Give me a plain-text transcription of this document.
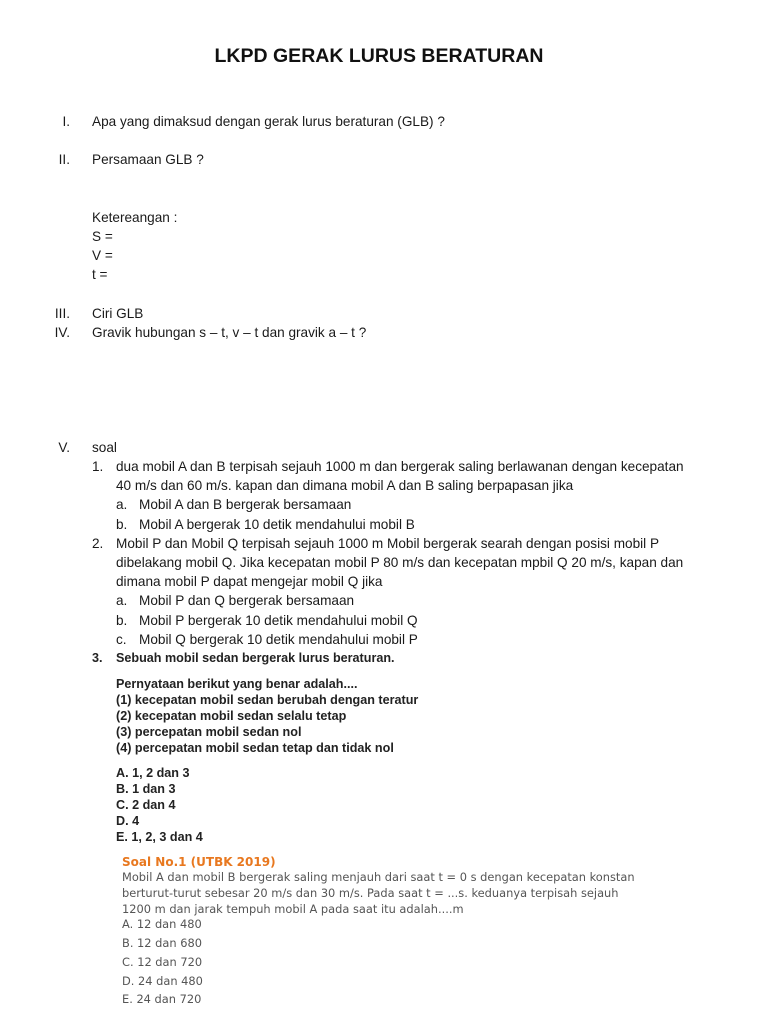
LKPD GERAK LURUS BERATURAN
I. Apa yang dimaksud dengan gerak lurus beraturan (GLB) ?
II. Persamaan GLB ?
Ketereangan :
S =
V =
t =
III. Ciri GLB
IV. Gravik hubungan s – t, v – t dan gravik a – t ?
V. soal
1. dua mobil A dan B terpisah sejauh 1000 m dan bergerak saling berlawanan dengan kecepatan
40 m/s dan 60 m/s. kapan dan dimana mobil A dan B saling berpapasan jika
a. Mobil A dan B bergerak bersamaan
b. Mobil A bergerak 10 detik mendahului mobil B
2. Mobil P dan Mobil Q terpisah sejauh 1000 m Mobil bergerak searah dengan posisi mobil P
dibelakang mobil Q. Jika kecepatan mobil P 80 m/s dan kecepatan mpbil Q 20 m/s, kapan dan
dimana mobil P dapat mengejar mobil Q jika
a. Mobil P dan Q bergerak bersamaan
b. Mobil P bergerak 10 detik mendahului mobil Q
c. Mobil Q bergerak 10 detik mendahului mobil P
3. Sebuah mobil sedan bergerak lurus beraturan.
Pernyataan berikut yang benar adalah....
(1) kecepatan mobil sedan berubah dengan teratur
(2) kecepatan mobil sedan selalu tetap
(3) percepatan mobil sedan nol
(4) percepatan mobil sedan tetap dan tidak nol
A. 1, 2 dan 3
B. 1 dan 3
C. 2 dan 4
D. 4
E. 1, 2, 3 dan 4
Soal No.1 (UTBK 2019)
Mobil A dan mobil B bergerak saling menjauh dari saat t = 0 s dengan kecepatan konstan
berturut-turut sebesar 20 m/s dan 30 m/s. Pada saat t = ...s. keduanya terpisah sejauh
1200 m dan jarak tempuh mobil A pada saat itu adalah....m
A. 12 dan 480
B. 12 dan 680
C. 12 dan 720
D. 24 dan 480
E. 24 dan 720
